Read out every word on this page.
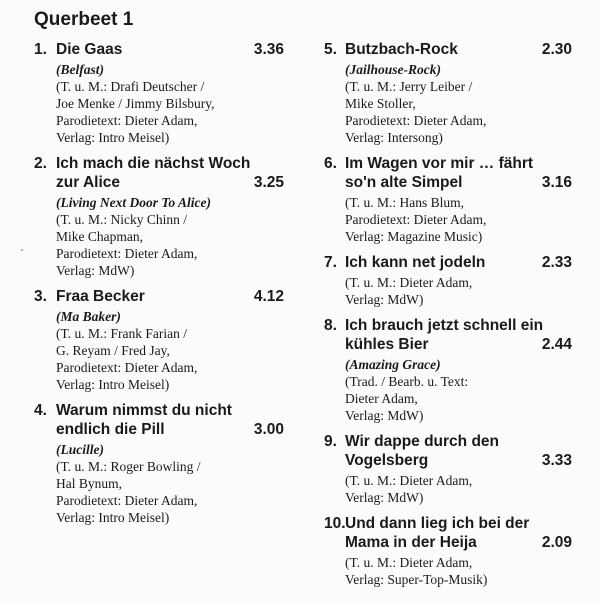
Querbeet 1
1. Die Gaas	3.36
(Belfast)
(T. u. M.: Drafi Deutscher /
Joe Menke / Jimmy Bilsbury,
Parodietext: Dieter Adam,
Verlag: Intro Meisel)
2. Ich mach die nächst Woch
zur Alice	3.25
(Living Next Door To Alice)
(T. u. M.: Nicky Chinn /
Mike Chapman,
Parodietext: Dieter Adam,
Verlag: MdW)
3. Fraa Becker	4.12
(Ma Baker)
(T. u. M.: Frank Farian /
G. Reyam / Fred Jay,
Parodietext: Dieter Adam,
Verlag: Intro Meisel)
4. Warum nimmst du nicht
endlich die Pill	3.00
(Lucille)
(T. u. M.: Roger Bowling /
Hal Bynum,
Parodietext: Dieter Adam,
Verlag: Intro Meisel)
5. Butzbach-Rock	2.30
(Jailhouse-Rock)
(T. u. M.: Jerry Leiber /
Mike Stoller,
Parodietext: Dieter Adam,
Verlag: Intersong)
6. Im Wagen vor mir … fährt
so'n alte Simpel	3.16
(T. u. M.: Hans Blum,
Parodietext: Dieter Adam,
Verlag: Magazine Music)
7. Ich kann net jodeln	2.33
(T. u. M.: Dieter Adam,
Verlag: MdW)
8. Ich brauch jetzt schnell ein
kühles Bier	2.44
(Amazing Grace)
(Trad. / Bearb. u. Text:
Dieter Adam,
Verlag: MdW)
9. Wir dappe durch den
Vogelsberg	3.33
(T. u. M.: Dieter Adam,
Verlag: MdW)
10. Und dann lieg ich bei der
Mama in der Heija	2.09
(T. u. M.: Dieter Adam,
Verlag: Super-Top-Musik)
